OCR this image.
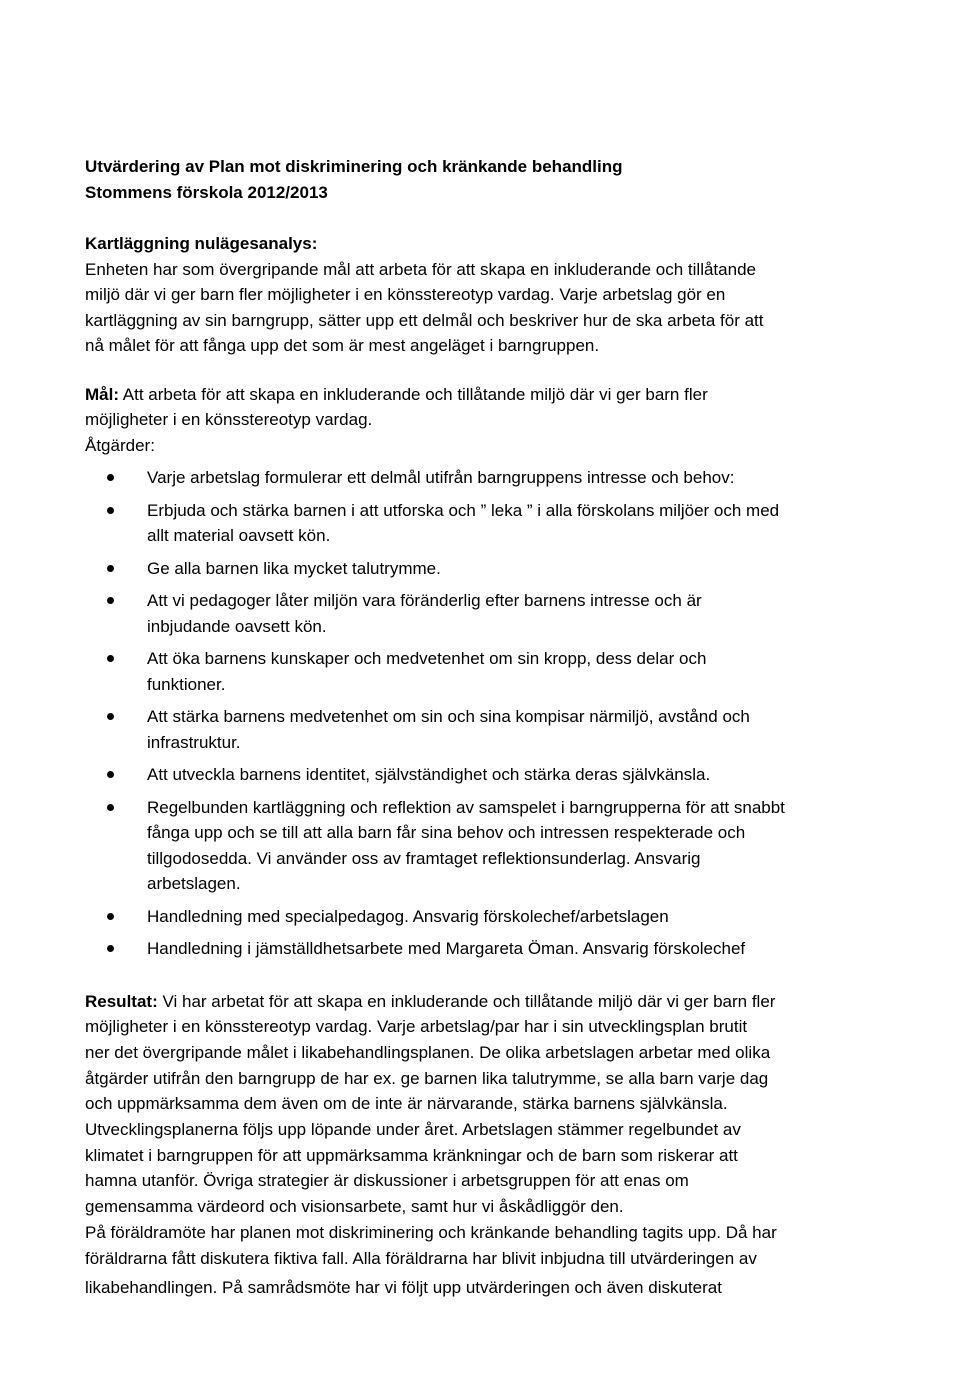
Utvärdering av Plan mot diskriminering och kränkande behandling
Stommens förskola 2012/2013
Kartläggning nulägesanalys:
Enheten har som övergripande mål att arbeta för att skapa en inkluderande och tillåtande
miljö där vi ger barn fler möjligheter i en könsstereotyp vardag. Varje arbetslag gör en
kartläggning av sin barngrupp, sätter upp ett delmål och beskriver hur de ska arbeta för att
nå målet för att fånga upp det som är mest angeläget i barngruppen.
Mål: Att arbeta för att skapa en inkluderande och tillåtande miljö där vi ger barn fler
möjligheter i en könsstereotyp vardag.
Åtgärder:
Varje arbetslag formulerar ett delmål utifrån barngruppens intresse och behov:
Erbjuda och stärka barnen i att utforska och ” leka ” i alla förskolans miljöer och med
allt material oavsett kön.
Ge alla barnen lika mycket talutrymme.
Att vi pedagoger låter miljön vara föränderlig efter barnens intresse och är
inbjudande oavsett kön.
Att öka barnens kunskaper och medvetenhet om sin kropp, dess delar och
funktioner.
Att stärka barnens medvetenhet om sin och sina kompisar närmiljö, avstånd och
infrastruktur.
Att utveckla barnens identitet, självständighet och stärka deras självkänsla.
Regelbunden kartläggning och reflektion av samspelet i barngrupperna för att snabbt
fånga upp och se till att alla barn får sina behov och intressen respekterade och
tillgodosedda. Vi använder oss av framtaget reflektionsunderlag. Ansvarig
arbetslagen.
Handledning med specialpedagog. Ansvarig förskolechef/arbetslagen
Handledning i jämställdhetsarbete med Margareta Öman. Ansvarig förskolechef
Resultat: Vi har arbetat för att skapa en inkluderande och tillåtande miljö där vi ger barn fler
möjligheter i en könsstereotyp vardag. Varje arbetslag/par har i sin utvecklingsplan brutit
ner det övergripande målet i likabehandlingsplanen. De olika arbetslagen arbetar med olika
åtgärder utifrån den barngrupp de har ex. ge barnen lika talutrymme, se alla barn varje dag
och uppmärksamma dem även om de inte är närvarande, stärka barnens självkänsla.
Utvecklingsplanerna följs upp löpande under året. Arbetslagen stämmer regelbundet av
klimatet i barngruppen för att uppmärksamma kränkningar och de barn som riskerar att
hamna utanför. Övriga strategier är diskussioner i arbetsgruppen för att enas om
gemensamma värdeord och visionsarbete, samt hur vi åskådliggör den.
På föräldramöte har planen mot diskriminering och kränkande behandling tagits upp. Då har
föräldrarna fått diskutera fiktiva fall. Alla föräldrarna har blivit inbjudna till utvärderingen av
likabehandlingen. På samrådsmöte har vi följt upp utvärderingen och även diskuterat
